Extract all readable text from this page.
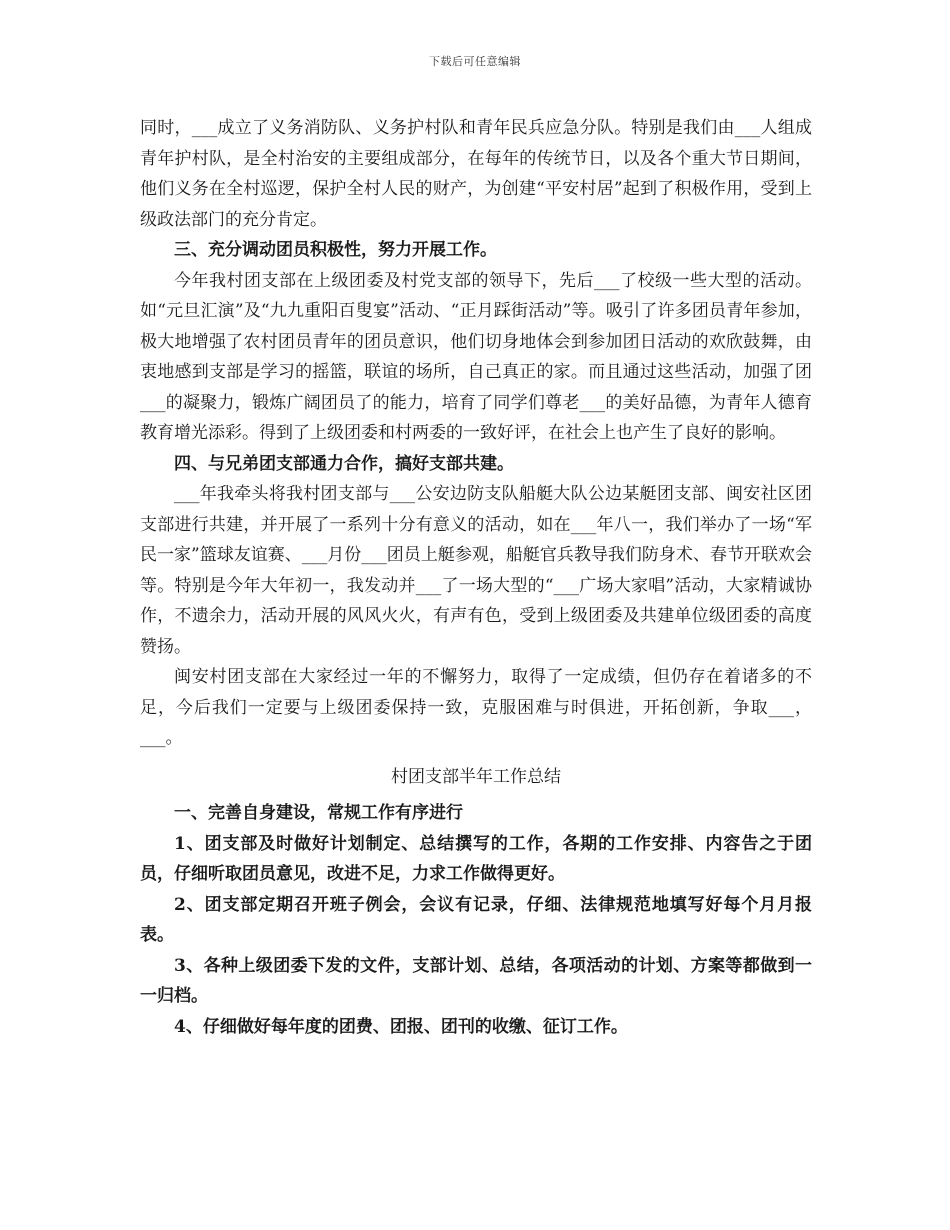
下载后可任意编辑

同时，___成立了义务消防队、义务护村队和青年民兵应急分队。特别是我们由___人组成青年护村队，是全村治安的主要组成部分，在每年的传统节日，以及各个重大节日期间，他们义务在全村巡逻，保护全村人民的财产，为创建“平安村居”起到了积极作用，受到上级政法部门的充分肯定。

三、充分调动团员积极性，努力开展工作。

今年我村团支部在上级团委及村党支部的领导下，先后___了校级一些大型的活动。如“元旦汇演”及“九九重阳百叟宴”活动、“正月踩街活动”等。吸引了许多团员青年参加，极大地增强了农村团员青年的团员意识，他们切身地体会到参加团日活动的欢欣鼓舞，由衷地感到支部是学习的摇篮，联谊的场所，自己真正的家。而且通过这些活动，加强了团___的凝聚力，锻炼广阔团员了的能力，培育了同学们尊老___的美好品德，为青年人德育教育增光添彩。得到了上级团委和村两委的一致好评，在社会上也产生了良好的影响。

四、与兄弟团支部通力合作，搞好支部共建。

___年我牵头将我村团支部与___公安边防支队船艇大队公边某艇团支部、闽安社区团支部进行共建，并开展了一系列十分有意义的活动，如在___年八一，我们举办了一场“军民一家”篮球友谊赛、___月份___团员上艇参观，船艇官兵教导我们防身术、春节开联欢会等。特别是今年大年初一，我发动并___了一场大型的“___广场大家唱”活动，大家精诚协作，不遗余力，活动开展的风风火火，有声有色，受到上级团委及共建单位级团委的高度赞扬。

闽安村团支部在大家经过一年的不懈努力，取得了一定成绩，但仍存在着诸多的不足，今后我们一定要与上级团委保持一致，克服困难与时俱进，开拓创新，争取___，___。

村团支部半年工作总结

一、完善自身建设，常规工作有序进行

1、团支部及时做好计划制定、总结撰写的工作，各期的工作安排、内容告之于团员，仔细听取团员意见，改进不足，力求工作做得更好。

2、团支部定期召开班子例会，会议有记录，仔细、法律规范地填写好每个月月报表。

3、各种上级团委下发的文件，支部计划、总结，各项活动的计划、方案等都做到一一归档。

4、仔细做好每年度的团费、团报、团刊的收缴、征订工作。
